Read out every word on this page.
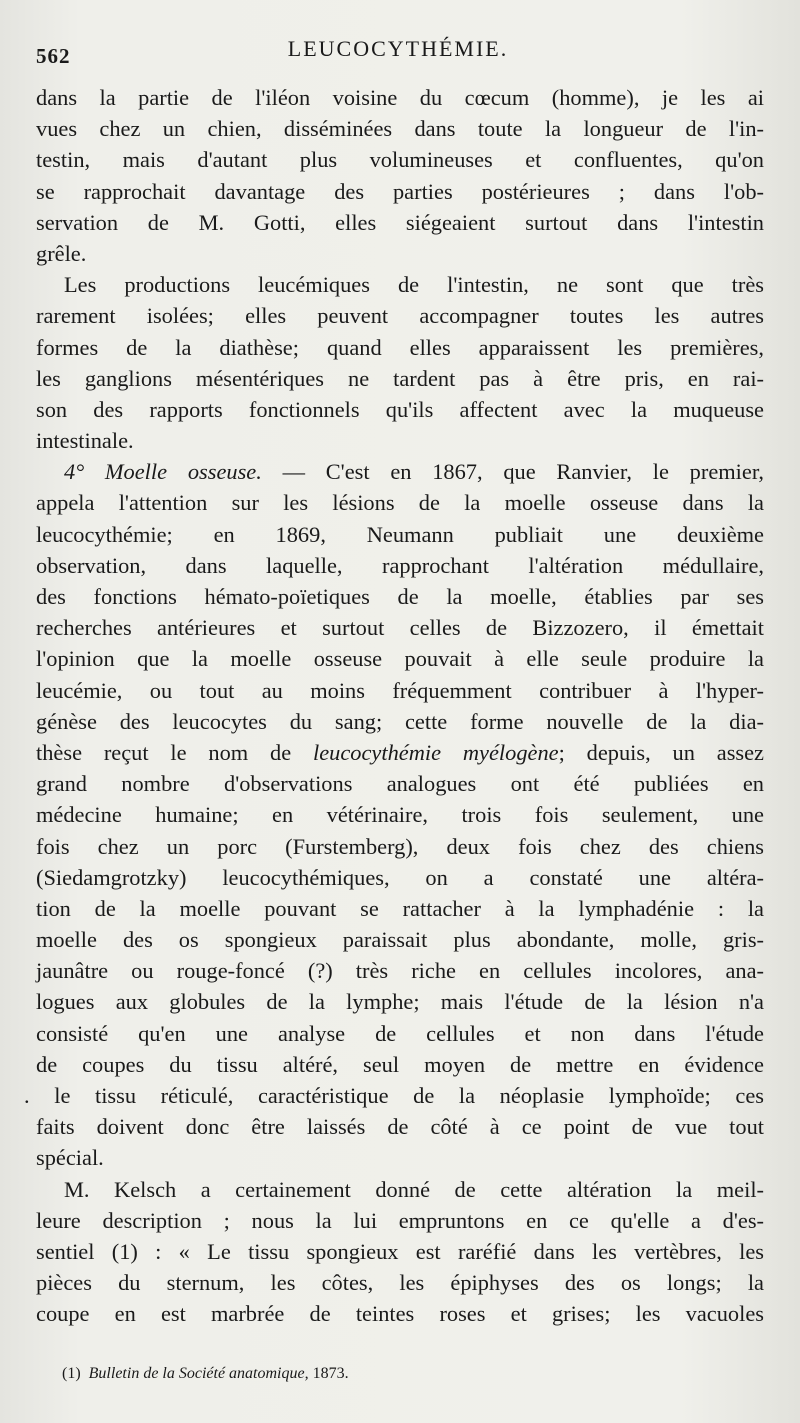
562	LEUCOCYTHÉMIE.
dans la partie de l'iléon voisine du cœcum (homme), je les ai
vues chez un chien, disséminées dans toute la longueur de l'in-
testin, mais d'autant plus volumineuses et confluentes, qu'on
se rapprochait davantage des parties postérieures ; dans l'ob-
servation de M. Gotti, elles siégeaient surtout dans l'intestin
grêle.
Les productions leucémiques de l'intestin, ne sont que très
rarement isolées; elles peuvent accompagner toutes les autres
formes de la diathèse; quand elles apparaissent les premières,
les ganglions mésentériques ne tardent pas à être pris, en rai-
son des rapports fonctionnels qu'ils affectent avec la muqueuse
intestinale.
4° Moelle osseuse. — C'est en 1867, que Ranvier, le premier,
appela l'attention sur les lésions de la moelle osseuse dans la
leucocythémie; en 1869, Neumann publiait une deuxième
observation, dans laquelle, rapprochant l'altération médullaire,
des fonctions hémato-poïetiques de la moelle, établies par ses
recherches antérieures et surtout celles de Bizzozero, il émettait
l'opinion que la moelle osseuse pouvait à elle seule produire la
leucémie, ou tout au moins fréquemment contribuer à l'hyper-
génèse des leucocytes du sang; cette forme nouvelle de la dia-
thèse reçut le nom de leucocythémie myélogène; depuis, un assez
grand nombre d'observations analogues ont été publiées en
médecine humaine; en vétérinaire, trois fois seulement, une
fois chez un porc (Furstemberg), deux fois chez des chiens
(Siedamgrotzky) leucocythémiques, on a constaté une altéra-
tion de la moelle pouvant se rattacher à la lymphadénie : la
moelle des os spongieux paraissait plus abondante, molle, gris-
jaunâtre ou rouge-foncé (?) très riche en cellules incolores, ana-
logues aux globules de la lymphe; mais l'étude de la lésion n'a
consisté qu'en une analyse de cellules et non dans l'étude
de coupes du tissu altéré, seul moyen de mettre en évidence
. le tissu réticulé, caractéristique de la néoplasie lymphoïde; ces
faits doivent donc être laissés de côté à ce point de vue tout
spécial.
M. Kelsch a certainement donné de cette altération la meil-
leure description ; nous la lui empruntons en ce qu'elle a d'es-
sentiel (1) : « Le tissu spongieux est raréfié dans les vertèbres, les
pièces du sternum, les côtes, les épiphyses des os longs; la
coupe en est marbrée de teintes roses et grises; les vacuoles
(1) Bulletin de la Société anatomique, 1873.
